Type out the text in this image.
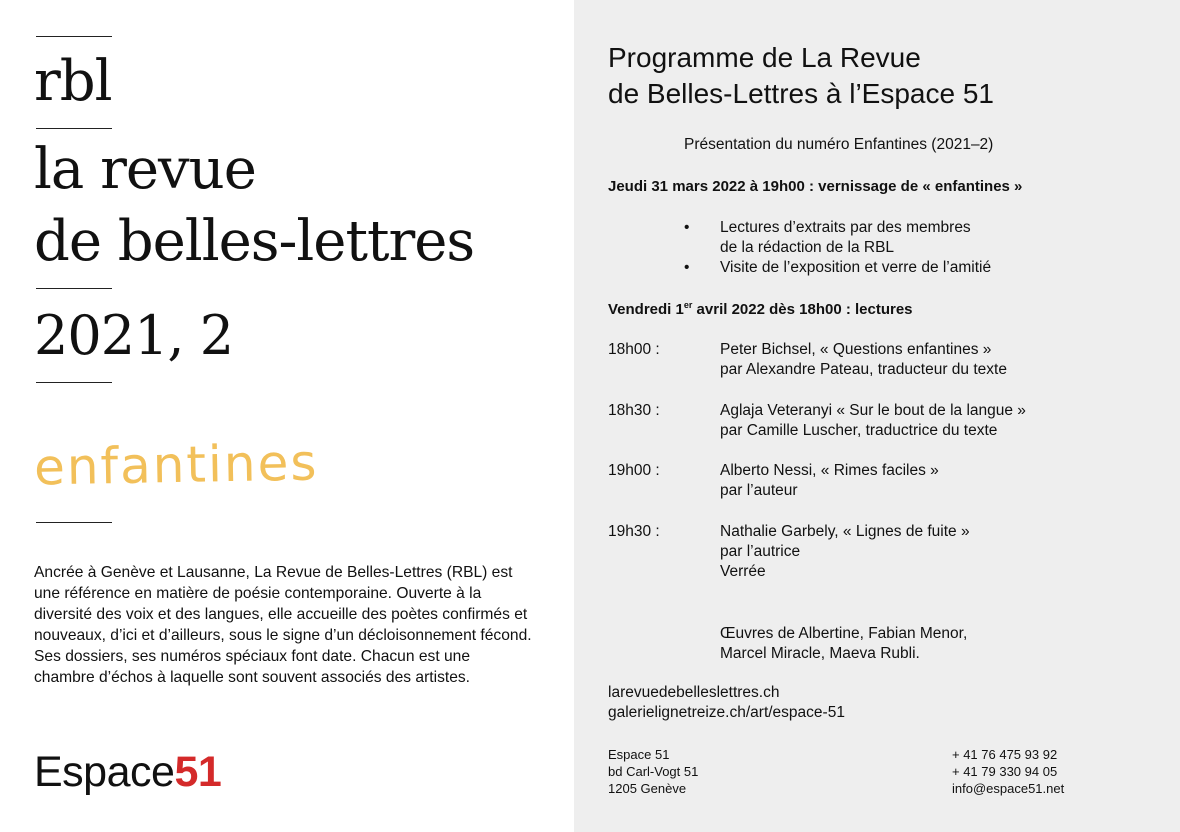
rbl
la revue
de belles-lettres
2021, 2
enfantines
Ancrée à Genève et Lausanne, La Revue de Belles-Lettres (RBL) est une référence en matière de poésie contemporaine. Ouverte à la diversité des voix et des langues, elle accueille des poètes confirmés et nouveaux, d’ici et d’ailleurs, sous le signe d’un décloisonnement fécond. Ses dossiers, ses numéros spéciaux font date. Chacun est une chambre d’échos à laquelle sont souvent associés des artistes.
Espace51
Programme de La Revue
de Belles-Lettres à l’Espace 51
Présentation du numéro Enfantines (2021–2)
Jeudi 31 mars 2022 à 19h00 : vernissage de « enfantines »
• Lectures d’extraits par des membres
de la rédaction de la RBL
• Visite de l’exposition et verre de l’amitié
Vendredi 1er avril 2022 dès 18h00 : lectures
18h00 :	Peter Bichsel, « Questions enfantines »
par Alexandre Pateau, traducteur du texte
18h30 :	Aglaja Veteranyi « Sur le bout de la langue »
par Camille Luscher, traductrice du texte
19h00 :	Alberto Nessi, « Rimes faciles »
par l’auteur
19h30 :	Nathalie Garbely, « Lignes de fuite »
par l’autrice
Verrée
Œuvres de Albertine, Fabian Menor,
Marcel Miracle, Maeva Rubli.
larevuedebelleslettres.ch
galerielignetreize.ch/art/espace-51
Espace 51
bd Carl-Vogt 51
1205 Genève
+ 41 76 475 93 92
+ 41 79 330 94 05
info@espace51.net
